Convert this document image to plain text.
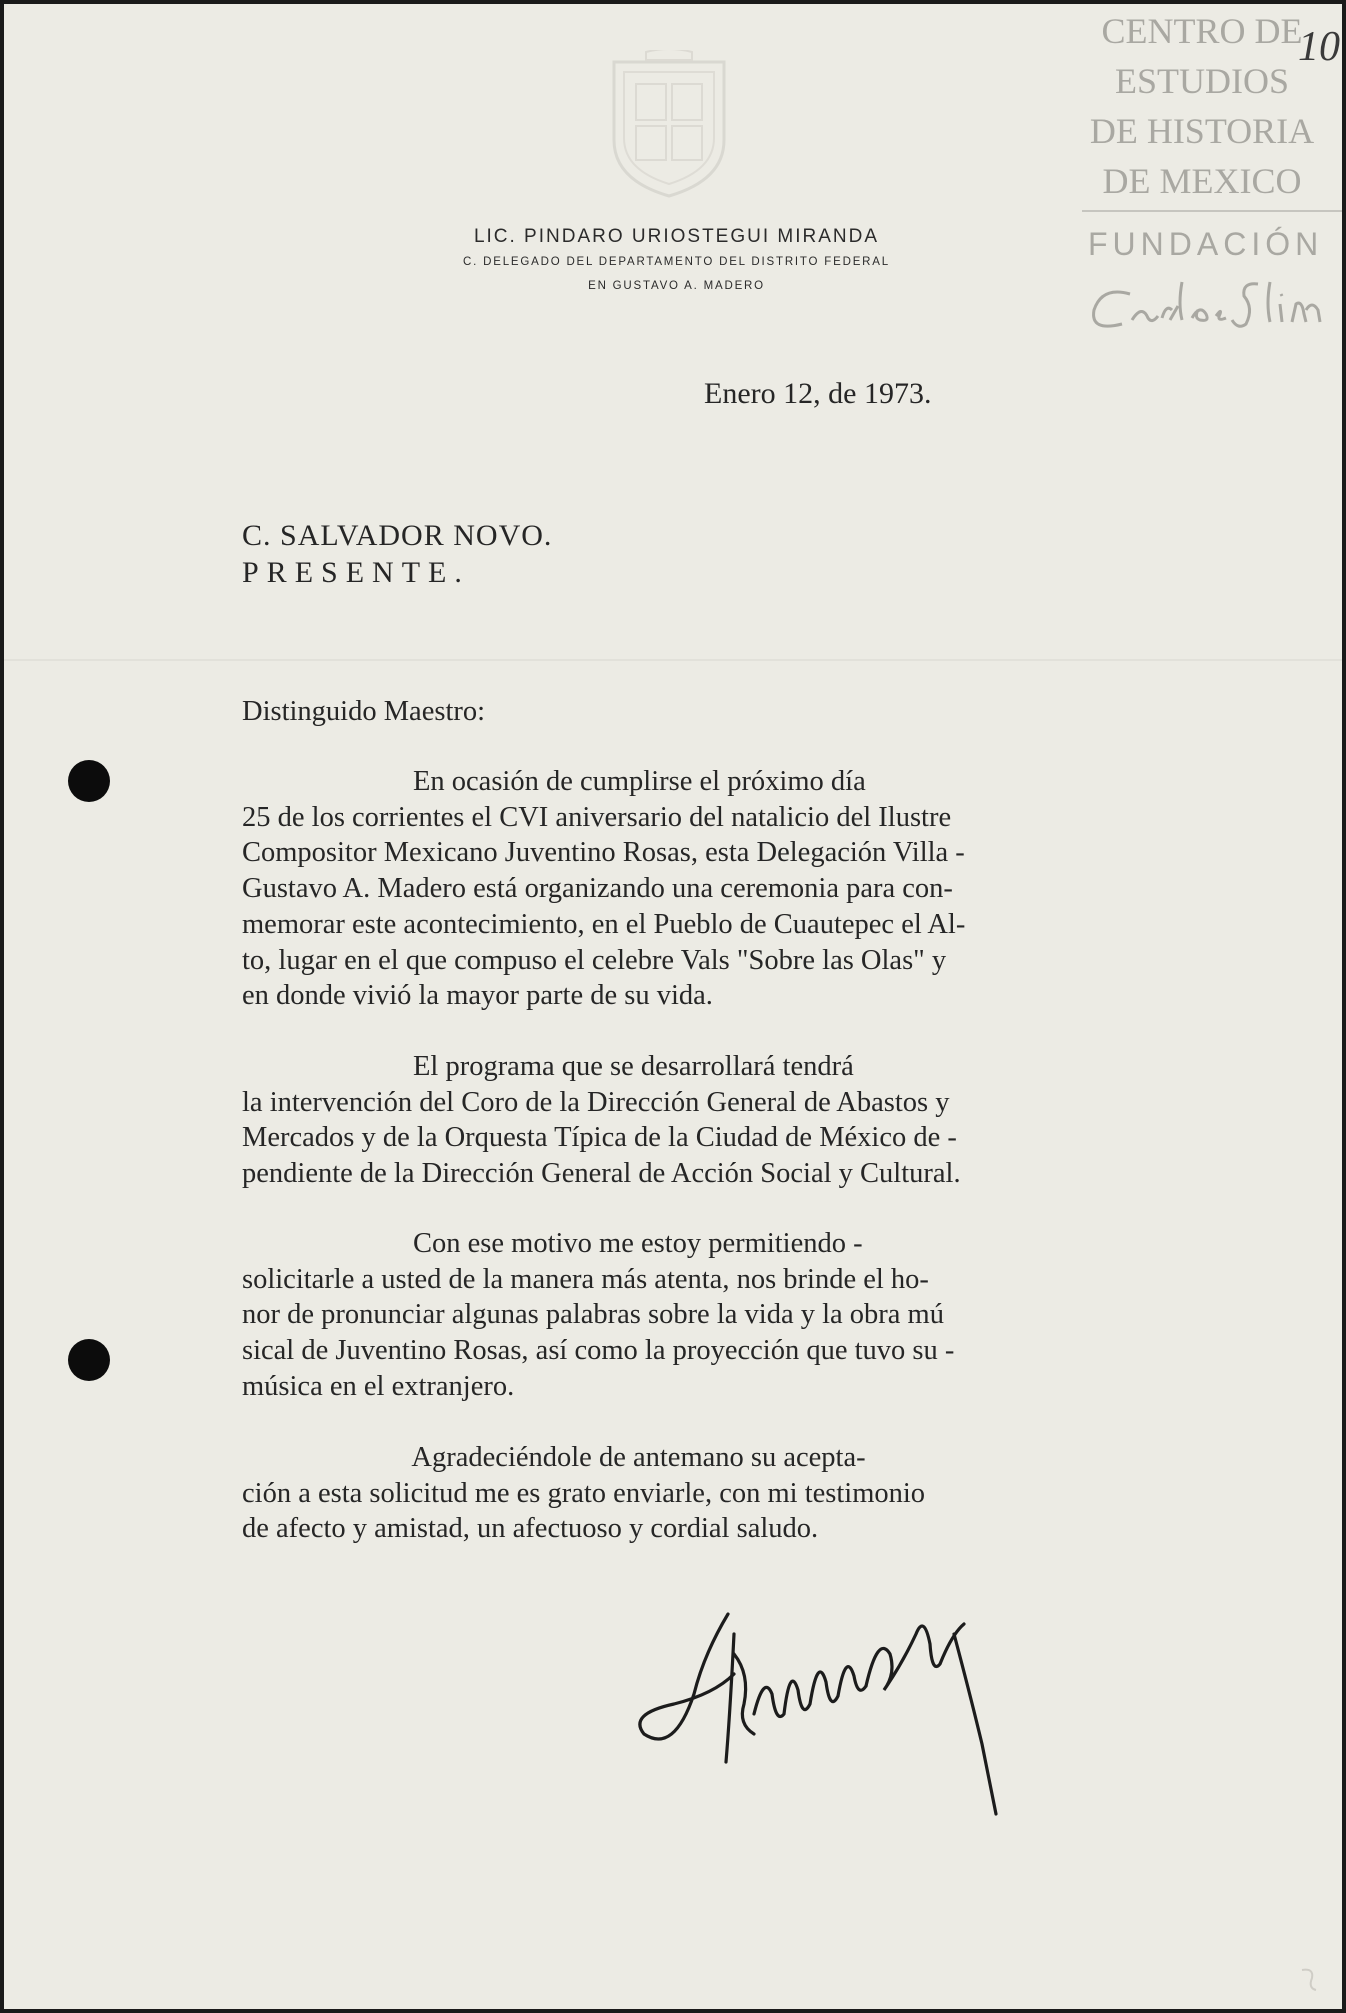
LIC. PINDARO URIOSTEGUI MIRANDA
C. DELEGADO DEL DEPARTAMENTO DEL DISTRITO FEDERAL
EN GUSTAVO A. MADERO
CENTRO DE
ESTUDIOS
DE HISTORIA
DE MEXICO
FUNDACIÓN
10
Enero 12, de 1973.
C. SALVADOR NOVO.
PRESENTE.
Distinguido Maestro:
En ocasión de cumplirse el próximo día
25 de los corrientes el CVI aniversario del natalicio del Ilustre
Compositor Mexicano Juventino Rosas, esta Delegación Villa -
Gustavo A. Madero está organizando una ceremonia para con-
memorar este acontecimiento, en el Pueblo de Cuautepec el Al-
to, lugar en el que compuso el celebre Vals "Sobre las Olas" y
en donde vivió la mayor parte de su vida.
El programa que se desarrollará tendrá
la intervención del Coro de la Dirección General de Abastos y
Mercados y de la Orquesta Típica de la Ciudad de México de -
pendiente de la Dirección General de Acción Social y Cultural.
Con ese motivo me estoy permitiendo -
solicitarle a usted de la manera más atenta, nos brinde el ho-
nor de pronunciar algunas palabras sobre la vida y la obra mú
sical de Juventino Rosas, así como la proyección que tuvo su -
música en el extranjero.
Agradeciéndole de antemano su acepta-
ción a esta solicitud me es grato enviarle, con mi testimonio
de afecto y amistad, un afectuoso y cordial saludo.
